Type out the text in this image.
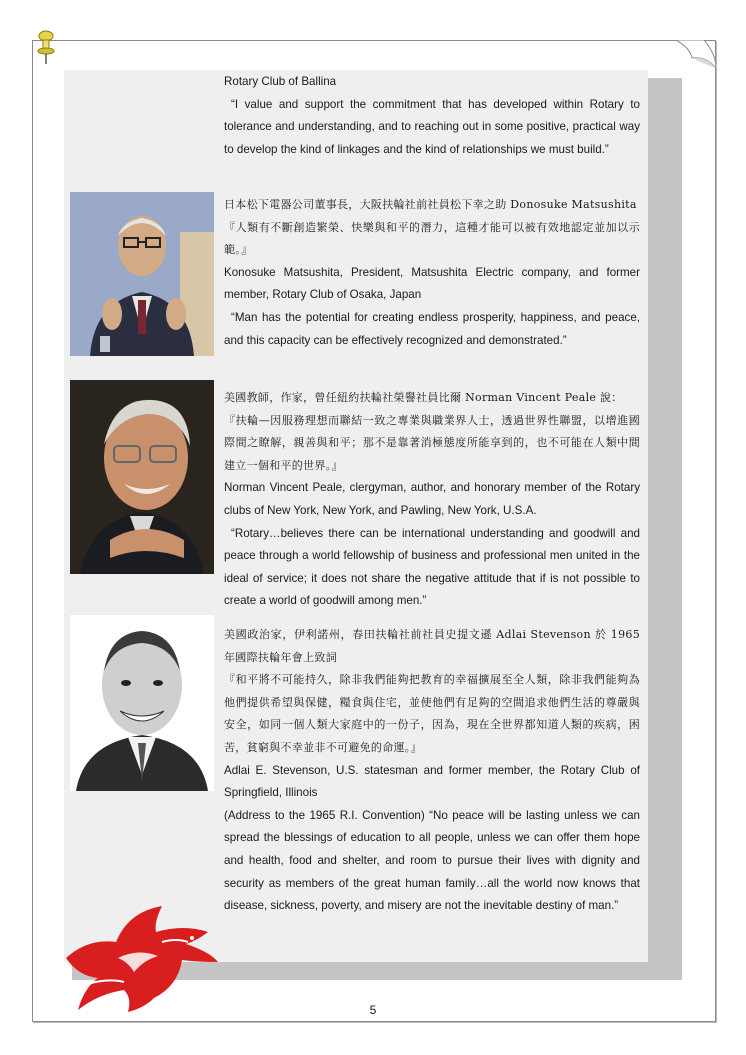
Rotary Club of Ballina

“I value and support the commitment that has developed within Rotary to tolerance and understanding, and to reaching out in some positive, practical way to develop the kind of linkages and the kind of relationships we must build.”

日本松下電器公司董事長，大阪扶輪社前社員松下幸之助 Donosuke Matsushita

『人類有不斷創造繁榮、快樂與和平的潛力，這種才能可以被有效地認定並加以示範。』

Konosuke Matsushita, President, Matsushita Electric company, and former member, Rotary Club of Osaka, Japan

“Man has the potential for creating endless prosperity, happiness, and peace, and this capacity can be effectively recognized and demonstrated.”

美國教師，作家，曾任紐約扶輪社榮譽社員比爾 Norman Vincent Peale 說：

『扶輪—因服務理想而聯結一致之專業與職業界人士，透過世界性聯盟，以增進國際間之瞭解，親善與和平；那不是靠著消極態度所能享到的，也不可能在人類中間建立一個和平的世界。』

Norman Vincent Peale, clergyman, author, and honorary member of the Rotary clubs of New York, New York, and Pawling, New York, U.S.A.

“Rotary…believes there can be international understanding and goodwill and peace through a world fellowship of business and professional men united in the ideal of service; it does not share the negative attitude that if is not possible to create a world of goodwill among men.”

美國政治家，伊利諾州，春田扶輪社前社員史提文遜 Adlai Stevenson 於 1965 年國際扶輪年會上致詞

『和平將不可能持久，除非我們能夠把教育的幸福擴展至全人類，除非我們能夠為他們提供希望與保健，糧食與住宅，並使他們有足夠的空間追求他們生活的尊嚴與安全，如同一個人類大家庭中的一份子，因為，現在全世界都知道人類的疾病，困苦，貧窮與不幸並非不可避免的命運。』

Adlai E. Stevenson, U.S. statesman and former member, the Rotary Club of Springfield, Illinois

(Address to the 1965 R.I. Convention) “No peace will be lasting unless we can spread the blessings of education to all people, unless we can offer them hope and health, food and shelter, and room to pursue their lives with dignity and security as members of the great human family…all the world now knows that disease, sickness, poverty, and misery are not the inevitable destiny of man.”

5
